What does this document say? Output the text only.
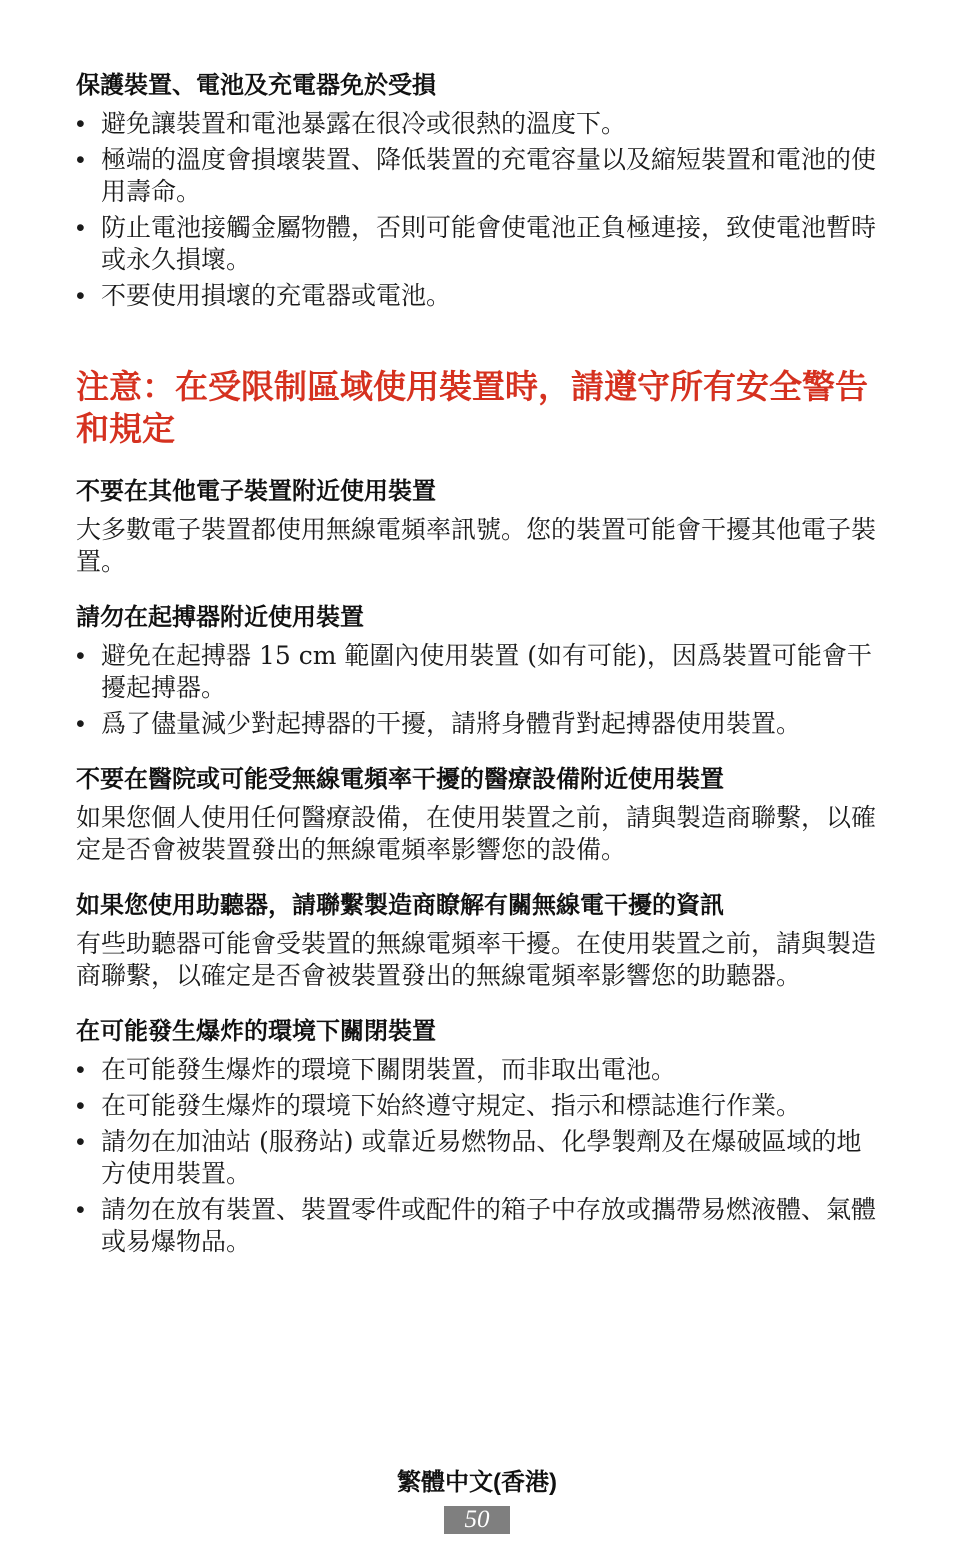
保護裝置、電池及充電器免於受損
• 避免讓裝置和電池暴露在很冷或很熱的溫度下。
• 極端的溫度會損壞裝置、降低裝置的充電容量以及縮短裝置和電池的使用壽命。
• 防止電池接觸金屬物體，否則可能會使電池正負極連接，致使電池暫時或永久損壞。
• 不要使用損壞的充電器或電池。
注意：在受限制區域使用裝置時，請遵守所有安全警告和規定
不要在其他電子裝置附近使用裝置

大多數電子裝置都使用無線電頻率訊號。您的裝置可能會干擾其他電子裝置。

請勿在起搏器附近使用裝置
• 避免在起搏器 15 cm 範圍內使用裝置 (如有可能)，因爲裝置可能會干擾起搏器。
• 爲了儘量減少對起搏器的干擾，請將身體背對起搏器使用裝置。
不要在醫院或可能受無線電頻率干擾的醫療設備附近使用裝置

如果您個人使用任何醫療設備，在使用裝置之前，請與製造商聯繫，以確定是否會被裝置發出的無線電頻率影響您的設備。

如果您使用助聽器，請聯繫製造商瞭解有關無線電干擾的資訊

有些助聽器可能會受裝置的無線電頻率干擾。在使用裝置之前，請與製造商聯繫，以確定是否會被裝置發出的無線電頻率影響您的助聽器。

在可能發生爆炸的環境下關閉裝置
• 在可能發生爆炸的環境下關閉裝置，而非取出電池。
• 在可能發生爆炸的環境下始終遵守規定、指示和標誌進行作業。
• 請勿在加油站 (服務站) 或靠近易燃物品、化學製劑及在爆破區域的地方使用裝置。
• 請勿在放有裝置、裝置零件或配件的箱子中存放或攜帶易燃液體、氣體或易爆物品。
繁體中文(香港)
50
